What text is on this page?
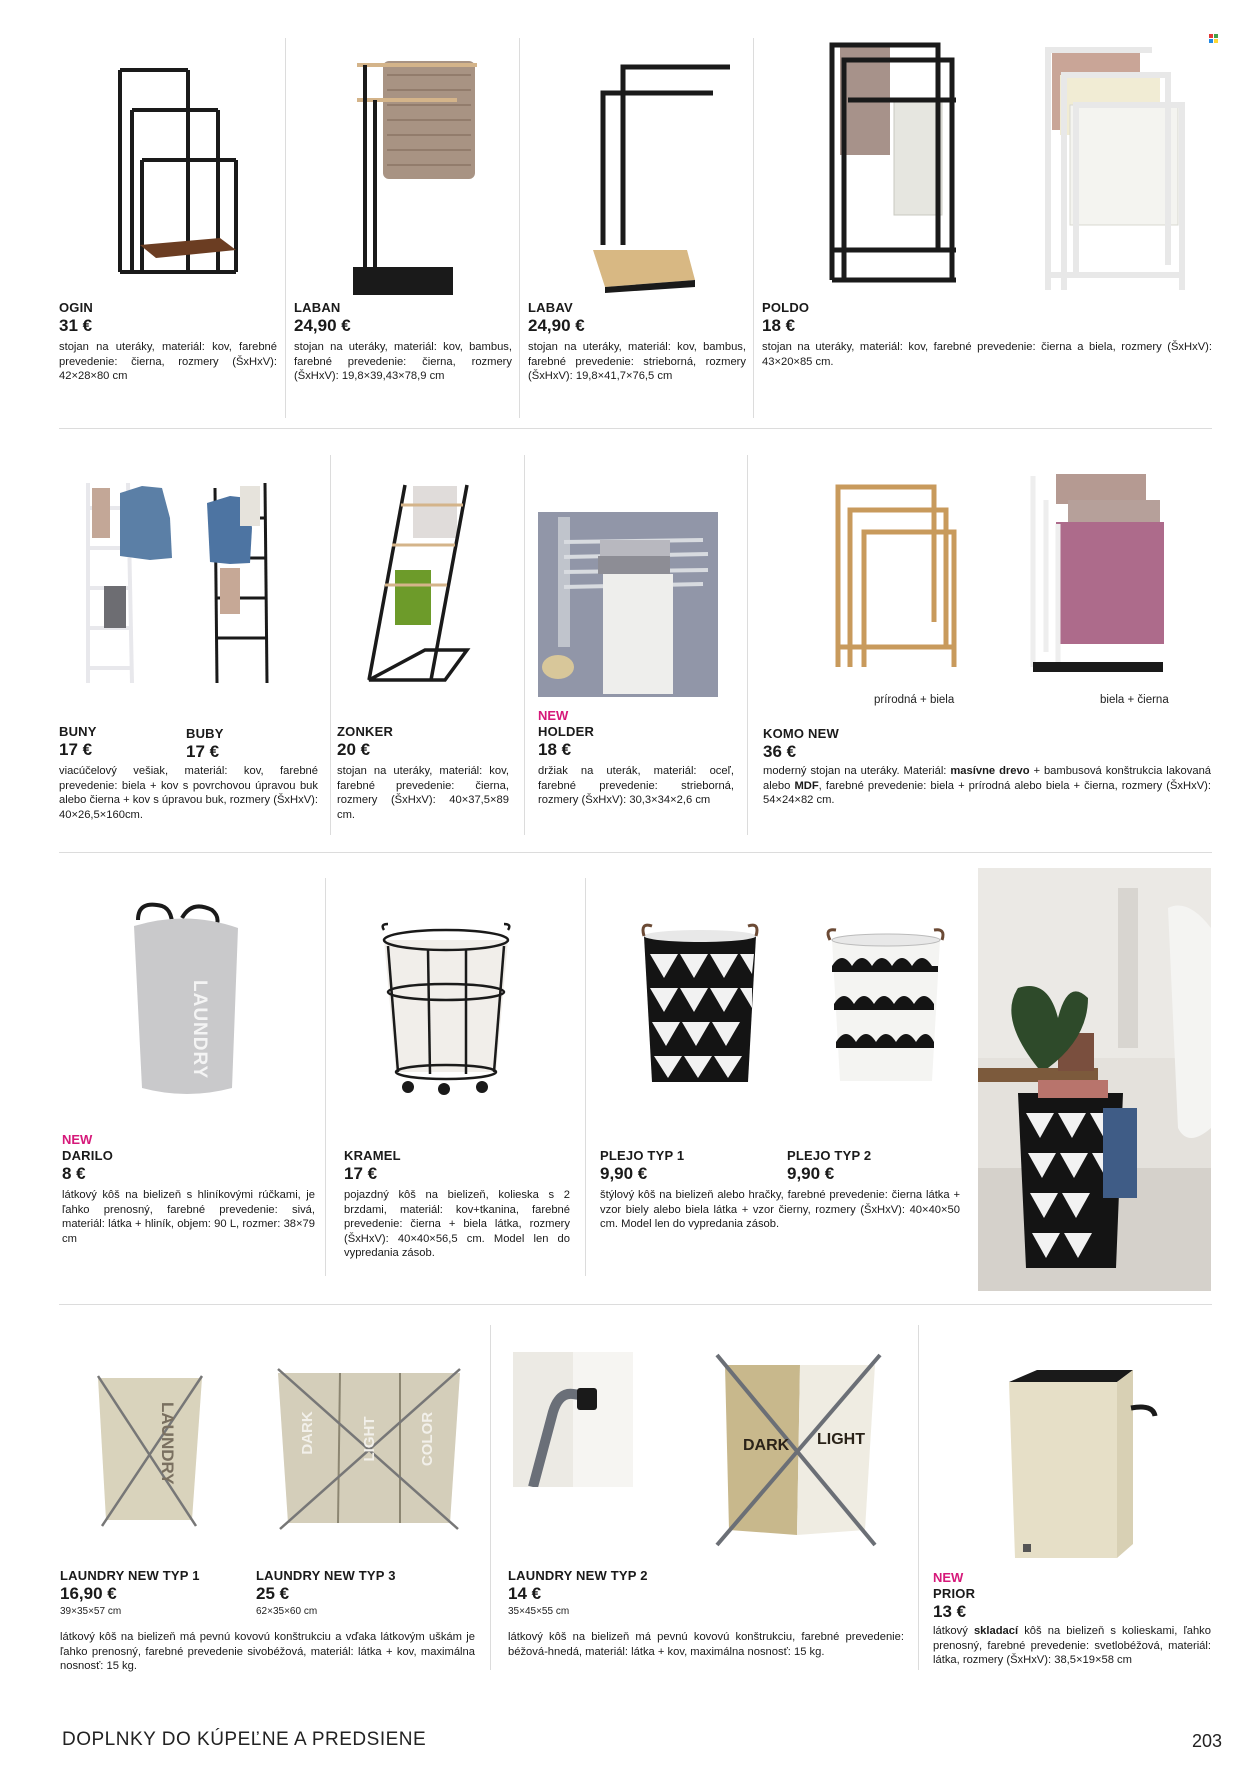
OGIN
31 €
stojan na uteráky, materiál: kov, farebné prevedenie: čierna, rozmery (ŠxHxV): 42×28×80 cm
LABAN
24,90 €
stojan na uteráky, materiál: kov, bambus, farebné prevedenie: čierna, rozmery (ŠxHxV): 19,8×39,43×78,9 cm
LABAV
24,90 €
stojan na uteráky, materiál: kov, bambus, farebné prevedenie: strieborná, rozmery (ŠxHxV): 19,8×41,7×76,5 cm
POLDO
18 €
stojan na uteráky, materiál: kov, farebné prevedenie: čierna a biela, rozmery (ŠxHxV): 43×20×85 cm.
prírodná + biela	biela + čierna
BUNY
17 €
BUBY
17 €
viacúčelový vešiak, materiál: kov, farebné prevedenie: biela + kov s povrchovou úpravou buk alebo čierna + kov s úpravou buk, rozmery (ŠxHxV): 40×26,5×160cm.
ZONKER
20 €
stojan na uteráky, materiál: kov, farebné prevedenie: čierna, rozmery (ŠxHxV): 40×37,5×89 cm.
NEW
HOLDER
18 €
držiak na uterák, materiál: oceľ, farebné prevedenie: strieborná, rozmery (ŠxHxV): 30,3×34×2,6 cm
KOMO NEW
36 €
moderný stojan na uteráky. Materiál: masívne drevo + bambusová konštrukcia lakovaná alebo MDF, farebné prevedenie: biela + prírodná alebo biela + čierna, rozmery (ŠxHxV): 54×24×82 cm.
LAUNDRY
NEW
DARILO
8 €
látkový kôš na bielizeň s hliníkovými rúčkami, je ľahko prenosný, farebné prevedenie: sivá, materiál: látka + hliník, objem: 90 L, rozmer: 38×79 cm
KRAMEL
17 €
pojazdný kôš na bielizeň, kolieska s 2 brzdami, materiál: kov+tkanina, farebné prevedenie: čierna + biela látka, rozmery (ŠxHxV): 40×40×56,5 cm. Model len do vypredania zásob.
PLEJO TYP 1
9,90 €
PLEJO TYP 2
9,90 €
štýlový kôš na bielizeň alebo hračky, farebné prevedenie: čierna látka + vzor biely alebo biela látka + vzor čierny, rozmery (ŠxHxV): 40×40×50 cm. Model len do vypredania zásob.
LAUNDRY	DARK	LIGHT	COLOR	DARK LIGHT
LAUNDRY NEW TYP 1
16,90 €
39×35×57 cm
LAUNDRY NEW TYP 3
25 €
62×35×60 cm
látkový kôš na bielizeň má pevnú kovovú konštrukciu a vďaka látkovým uškám je ľahko prenosný, farebné prevedenie sivobéžová, materiál: látka + kov, maximálna nosnosť: 15 kg.
LAUNDRY NEW TYP 2
14 €
35×45×55 cm
látkový kôš na bielizeň má pevnú kovovú konštrukciu, farebné prevedenie: béžová-hnedá, materiál: látka + kov, maximálna nosnosť: 15 kg.
NEW
PRIOR
13 €
látkový skladací kôš na bielizeň s kolieskami, ľahko prenosný, farebné prevedenie: svetlobéžová, materiál: látka, rozmery (ŠxHxV): 38,5×19×58 cm
DOPLNKY DO KÚPEĽNE A PREDSIENE	203
